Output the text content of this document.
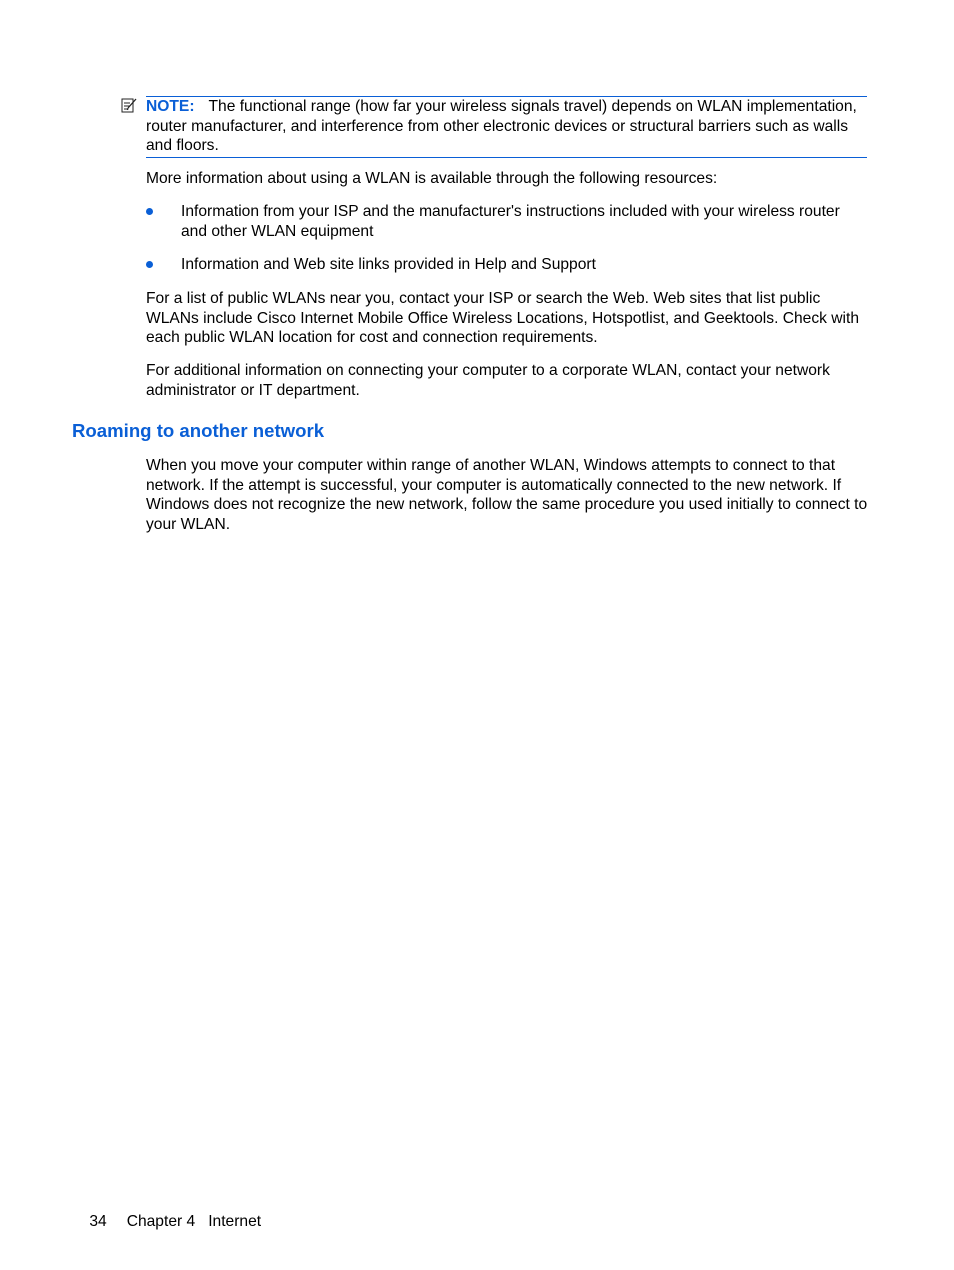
NOTE: The functional range (how far your wireless signals travel) depends on WLAN implementation, router manufacturer, and interference from other electronic devices or structural barriers such as walls and floors.

More information about using a WLAN is available through the following resources:

Information from your ISP and the manufacturer's instructions included with your wireless router and other WLAN equipment
Information and Web site links provided in Help and Support

For a list of public WLANs near you, contact your ISP or search the Web. Web sites that list public WLANs include Cisco Internet Mobile Office Wireless Locations, Hotspotlist, and Geektools. Check with each public WLAN location for cost and connection requirements.

For additional information on connecting your computer to a corporate WLAN, contact your network administrator or IT department.

Roaming to another network

When you move your computer within range of another WLAN, Windows attempts to connect to that network. If the attempt is successful, your computer is automatically connected to the new network. If Windows does not recognize the new network, follow the same procedure you used initially to connect to your WLAN.

34 Chapter 4 Internet
